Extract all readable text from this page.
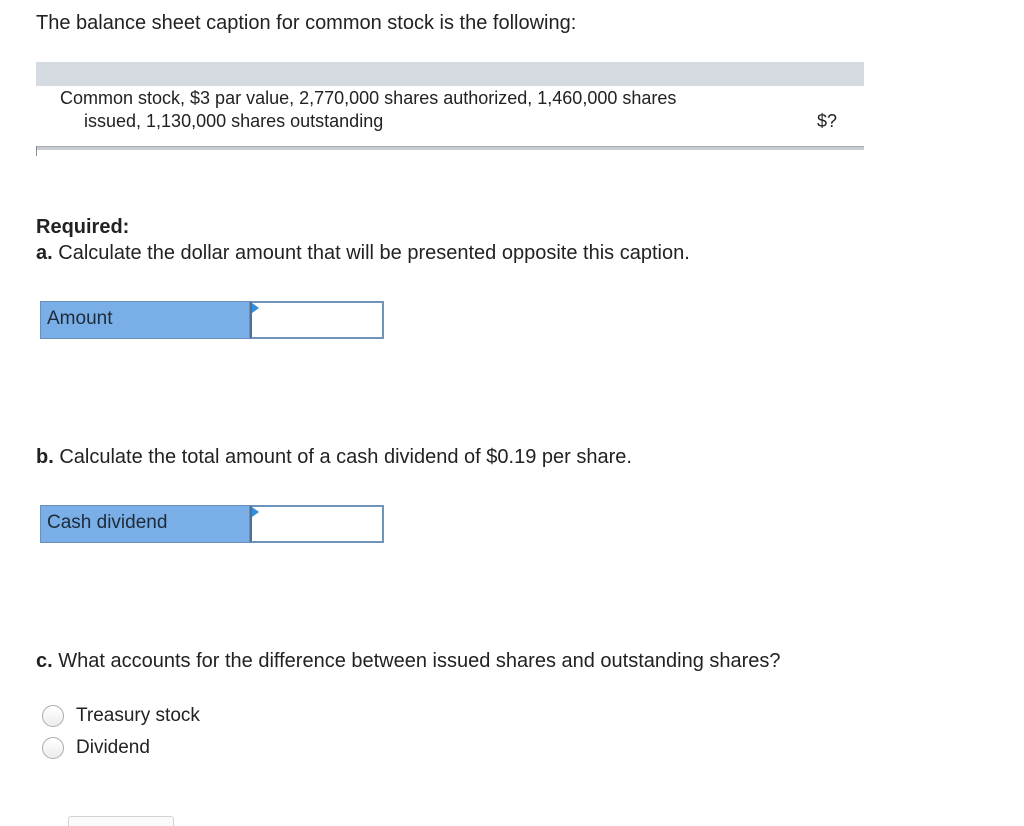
The balance sheet caption for common stock is the following:
Common stock, $3 par value, 2,770,000 shares authorized, 1,460,000 shares
issued, 1,130,000 shares outstanding	$?
Required:
a. Calculate the dollar amount that will be presented opposite this caption.
Amount
b. Calculate the total amount of a cash dividend of $0.19 per share.
Cash dividend
c. What accounts for the difference between issued shares and outstanding shares?
Treasury stock
Dividend
